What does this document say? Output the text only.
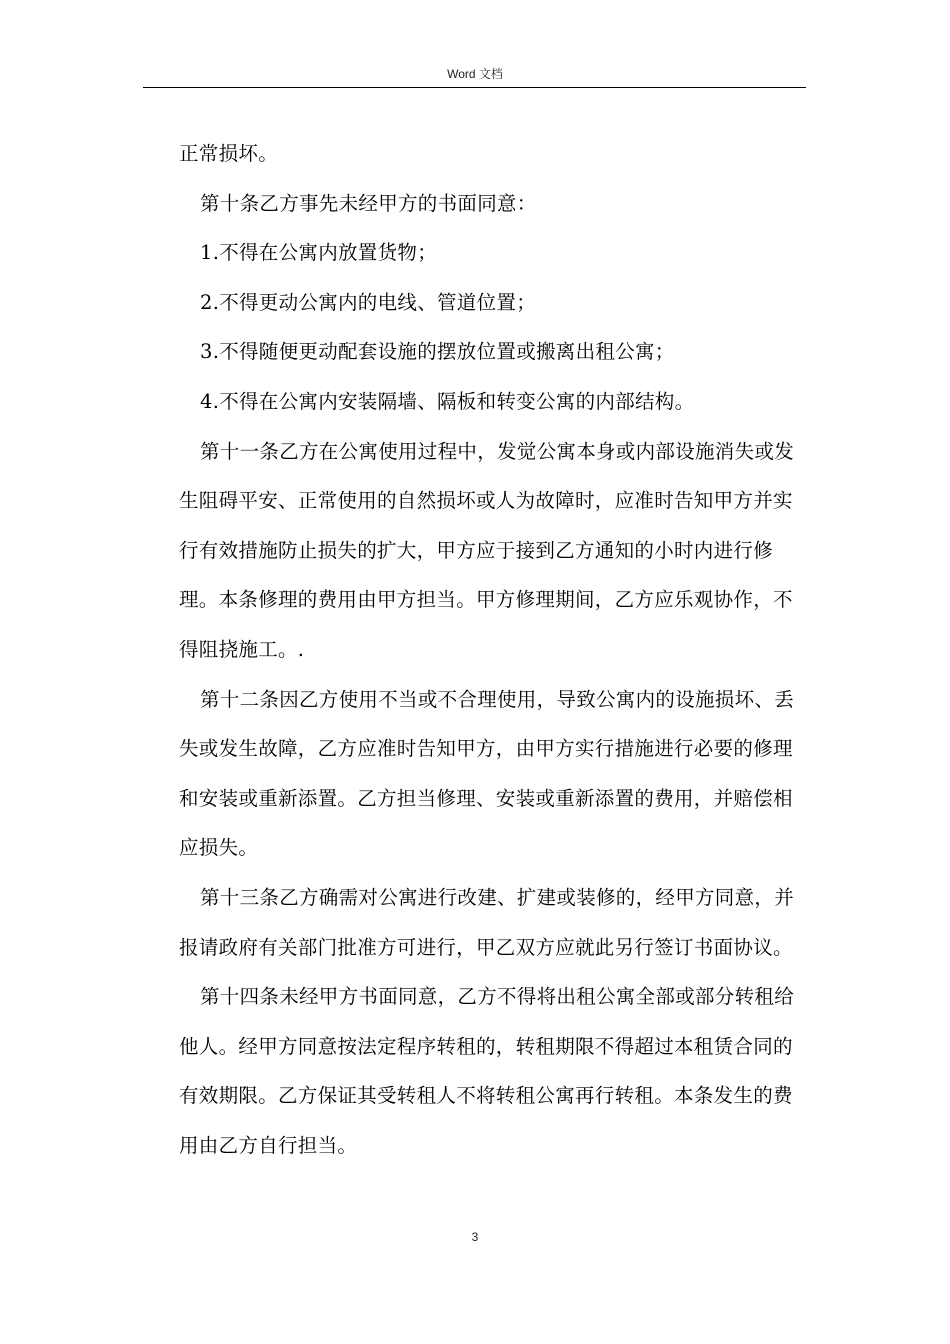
Word 文档

正常损坏。

第十条乙方事先未经甲方的书面同意：

1.不得在公寓内放置货物；

2.不得更动公寓内的电线、管道位置；

3.不得随便更动配套设施的摆放位置或搬离出租公寓；

4.不得在公寓内安装隔墙、隔板和转变公寓的内部结构。

第十一条乙方在公寓使用过程中，发觉公寓本身或内部设施消失或发生阻碍平安、正常使用的自然损坏或人为故障时，应准时告知甲方并实行有效措施防止损失的扩大，甲方应于接到乙方通知的小时内进行修理。本条修理的费用由甲方担当。甲方修理期间，乙方应乐观协作，不得阻挠施工。.

第十二条因乙方使用不当或不合理使用，导致公寓内的设施损坏、丢失或发生故障，乙方应准时告知甲方，由甲方实行措施进行必要的修理和安装或重新添置。乙方担当修理、安装或重新添置的费用，并赔偿相应损失。

第十三条乙方确需对公寓进行改建、扩建或装修的，经甲方同意，并报请政府有关部门批准方可进行，甲乙双方应就此另行签订书面协议。

第十四条未经甲方书面同意，乙方不得将出租公寓全部或部分转租给他人。经甲方同意按法定程序转租的，转租期限不得超过本租赁合同的有效期限。乙方保证其受转租人不将转租公寓再行转租。本条发生的费用由乙方自行担当。

3
